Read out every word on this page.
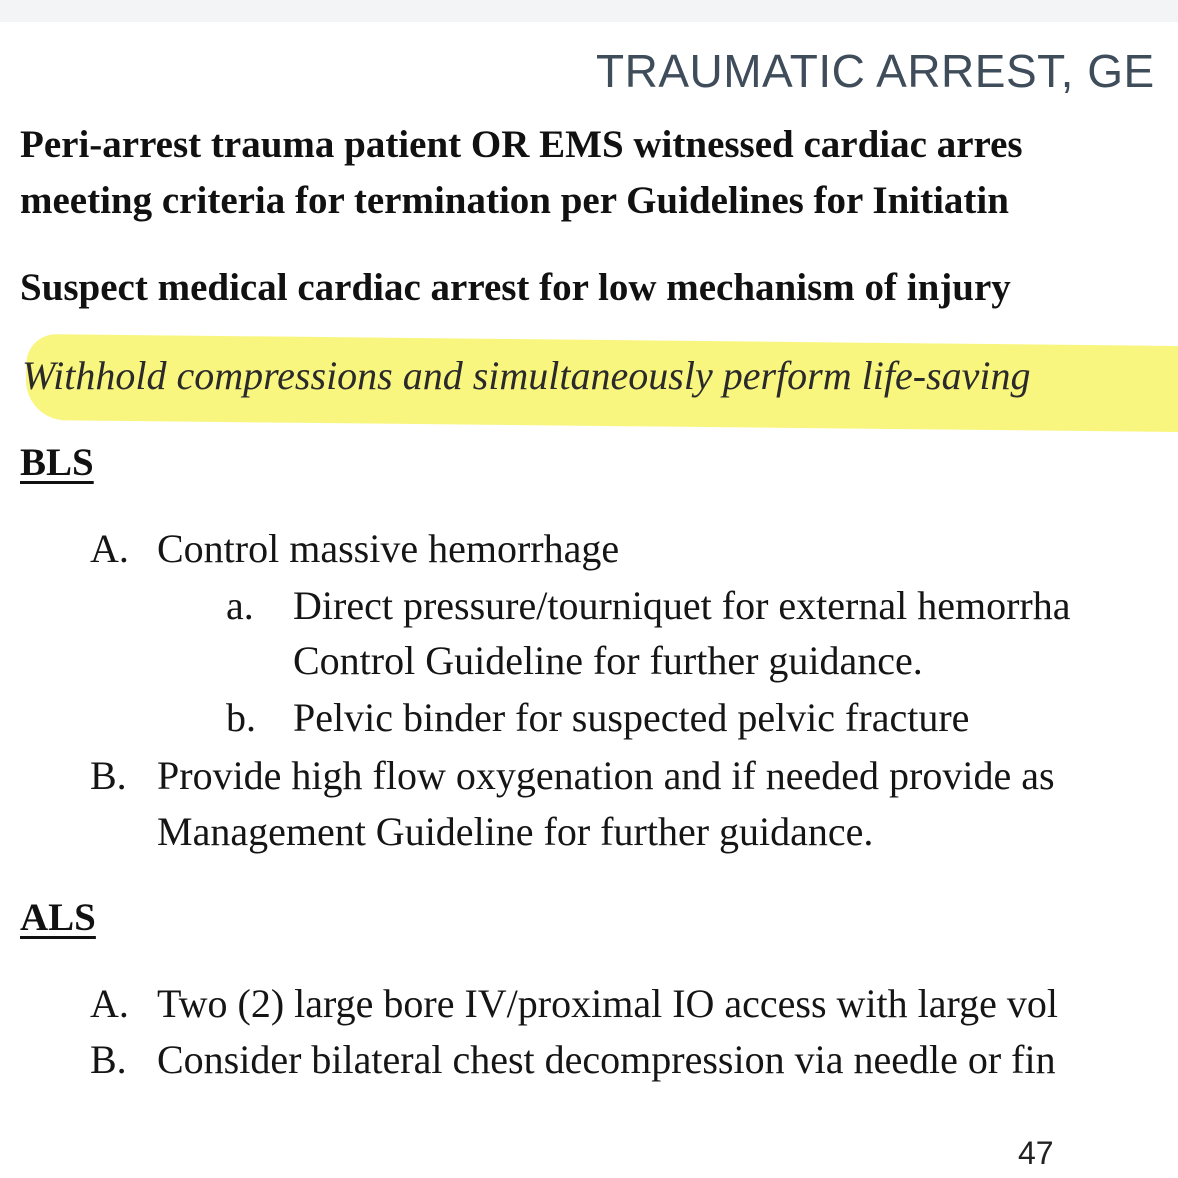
TRAUMATIC ARREST, GE
Peri-arrest trauma patient OR EMS witnessed cardiac arres
meeting criteria for termination per Guidelines for Initiatin
Suspect medical cardiac arrest for low mechanism of injury
Withhold compressions and simultaneously perform life-saving
BLS
A. Control massive hemorrhage
a. Direct pressure/tourniquet for external hemorrha
Control Guideline for further guidance.
b. Pelvic binder for suspected pelvic fracture
B. Provide high flow oxygenation and if needed provide as
Management Guideline for further guidance.
ALS
A. Two (2) large bore IV/proximal IO access with large vol
B. Consider bilateral chest decompression via needle or fin
47
